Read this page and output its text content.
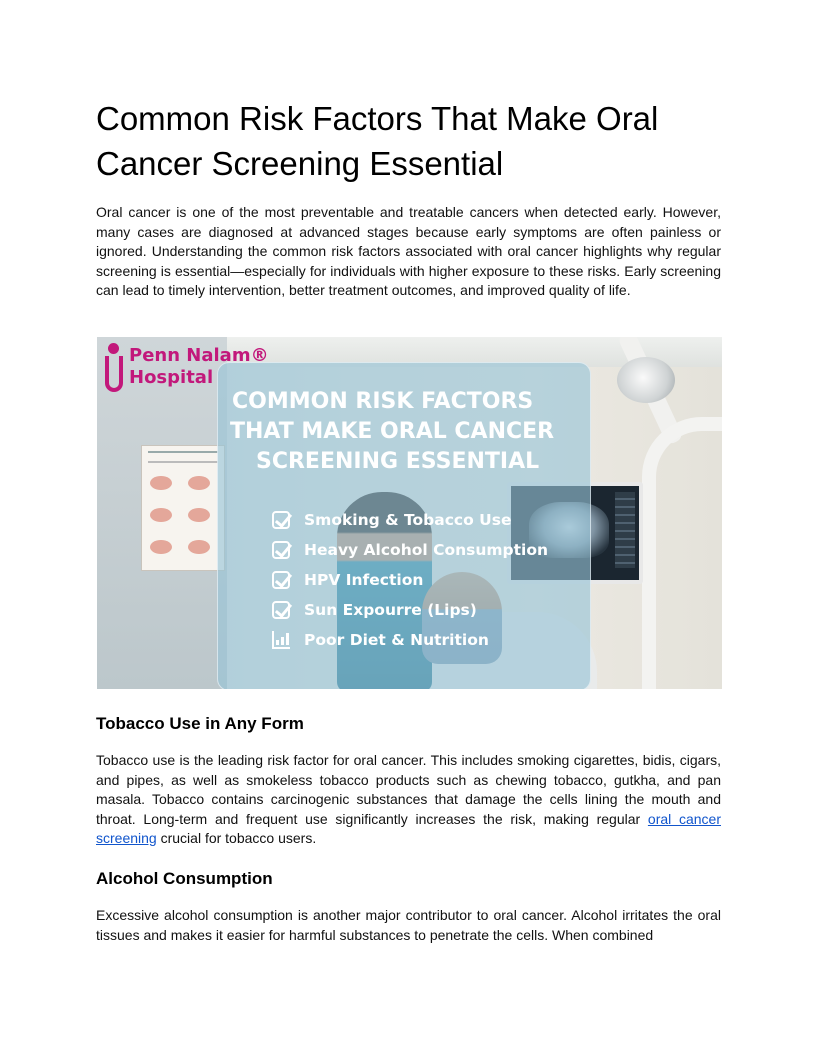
Common Risk Factors That Make Oral
Cancer Screening Essential

Oral cancer is one of the most preventable and treatable cancers when detected early. However, many cases are diagnosed at advanced stages because early symptoms are often painless or ignored. Understanding the common risk factors associated with oral cancer highlights why regular screening is essential—especially for individuals with higher exposure to these risks. Early screening can lead to timely intervention, better treatment outcomes, and improved quality of life.

Tobacco Use in Any Form

Tobacco use is the leading risk factor for oral cancer. This includes smoking cigarettes, bidis, cigars, and pipes, as well as smokeless tobacco products such as chewing tobacco, gutkha, and pan masala. Tobacco contains carcinogenic substances that damage the cells lining the mouth and throat. Long-term and frequent use significantly increases the risk, making regular oral cancer screening crucial for tobacco users.

Alcohol Consumption

Excessive alcohol consumption is another major contributor to oral cancer. Alcohol irritates the oral tissues and makes it easier for harmful substances to penetrate the cells. When combined

Penn Nalam®
Hospital
COMMON RISK FACTORS
THAT MAKE ORAL CANCER
SCREENING ESSENTIAL
Smoking & Tobacco Use
Heavy Alcohol Consumption
HPV Infection
Sun Expourre (Lips)
Poor Diet & Nutrition
